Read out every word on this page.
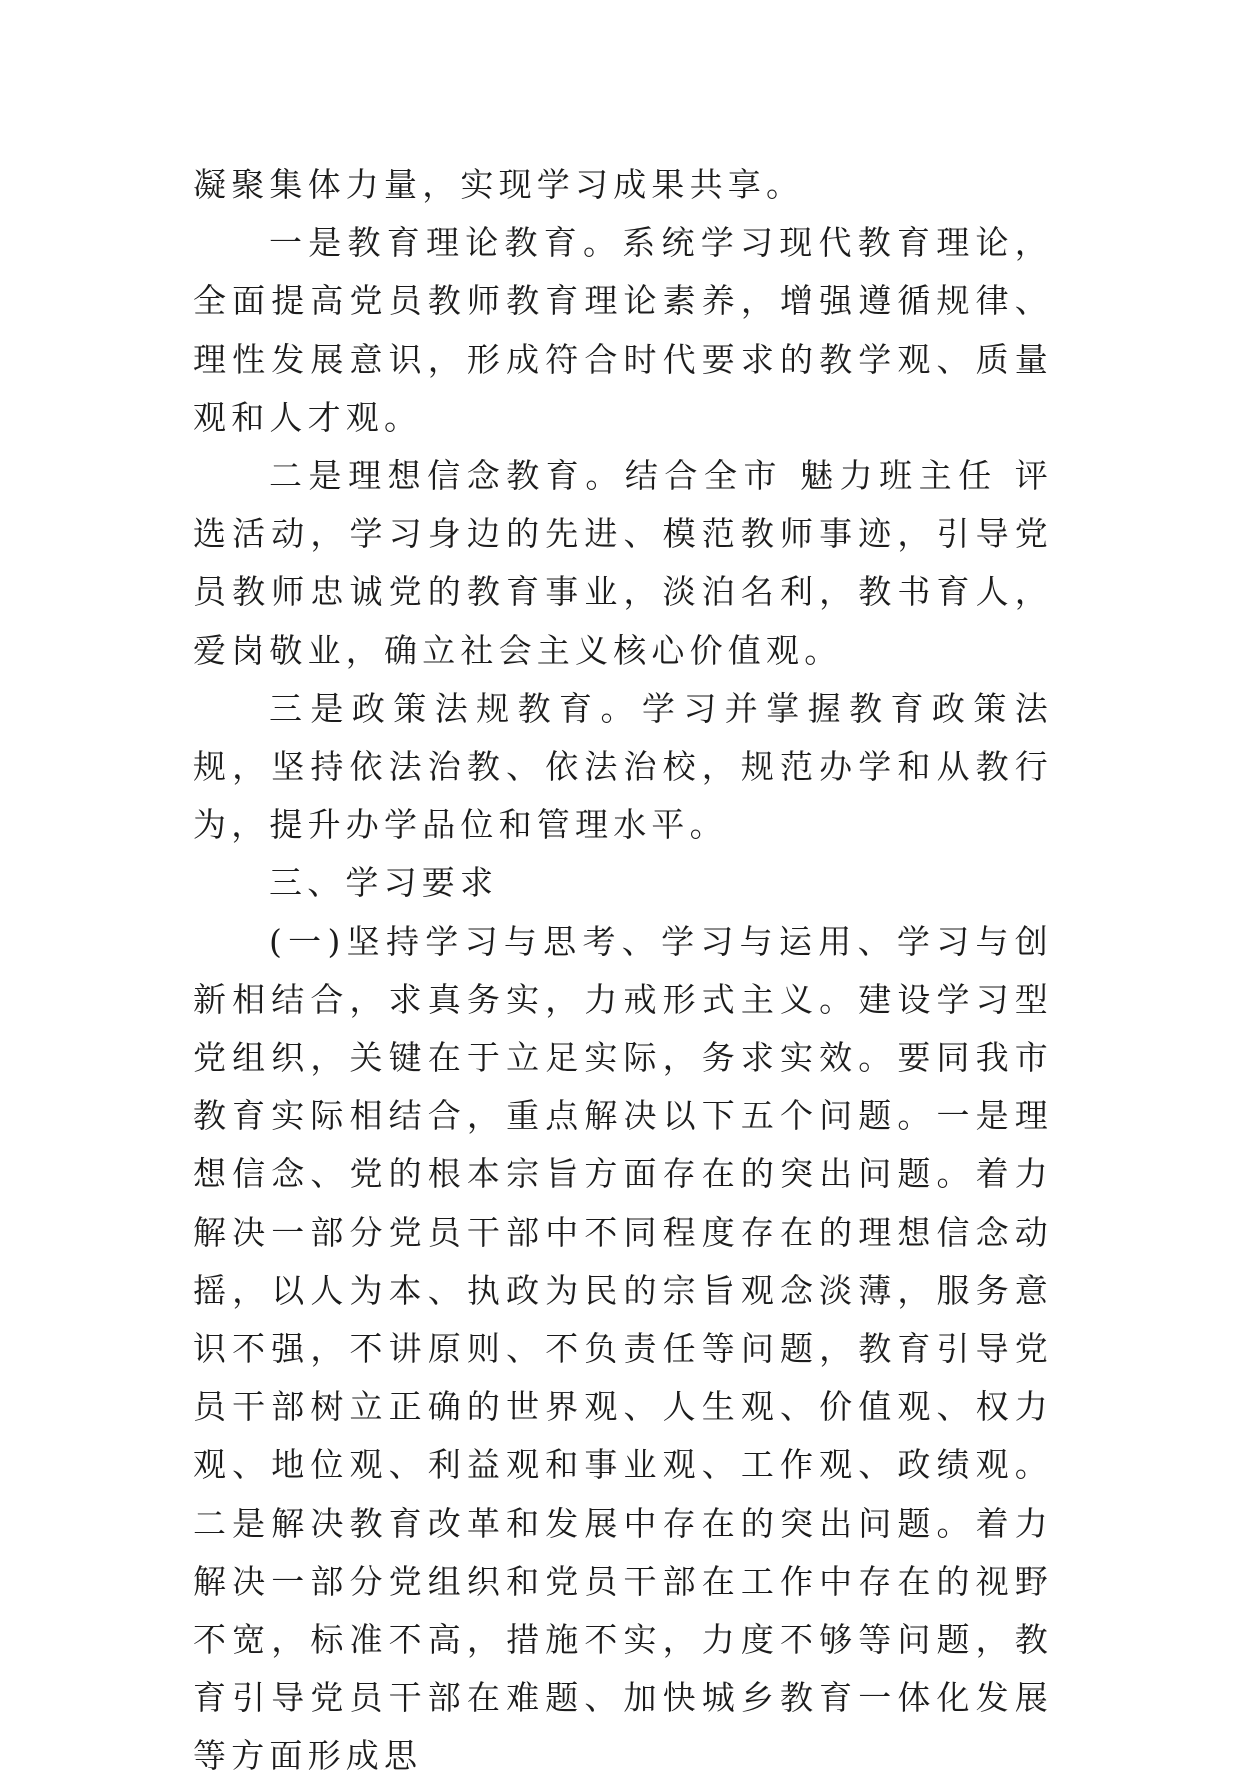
凝聚集体力量，实现学习成果共享。

一是教育理论教育。系统学习现代教育理论，全面提高党员教师教育理论素养，增强遵循规律、理性发展意识，形成符合时代要求的教学观、质量观和人才观。

二是理想信念教育。结合全市 魅力班主任 评选活动，学习身边的先进、模范教师事迹，引导党员教师忠诚党的教育事业，淡泊名利，教书育人，爱岗敬业，确立社会主义核心价值观。

三是政策法规教育。学习并掌握教育政策法规，坚持依法治教、依法治校，规范办学和从教行为，提升办学品位和管理水平。

三、学习要求

(一)坚持学习与思考、学习与运用、学习与创新相结合，求真务实，力戒形式主义。建设学习型党组织，关键在于立足实际，务求实效。要同我市教育实际相结合，重点解决以下五个问题。一是理想信念、党的根本宗旨方面存在的突出问题。着力解决一部分党员干部中不同程度存在的理想信念动摇，以人为本、执政为民的宗旨观念淡薄，服务意识不强，不讲原则、不负责任等问题，教育引导党员干部树立正确的世界观、人生观、价值观、权力观、地位观、利益观和事业观、工作观、政绩观。二是解决教育改革和发展中存在的突出问题。着力解决一部分党组织和党员干部在工作中存在的视野不宽，标准不高，措施不实，力度不够等问题，教育引导党员干部在难题、加快城乡教育一体化发展等方面形成思
